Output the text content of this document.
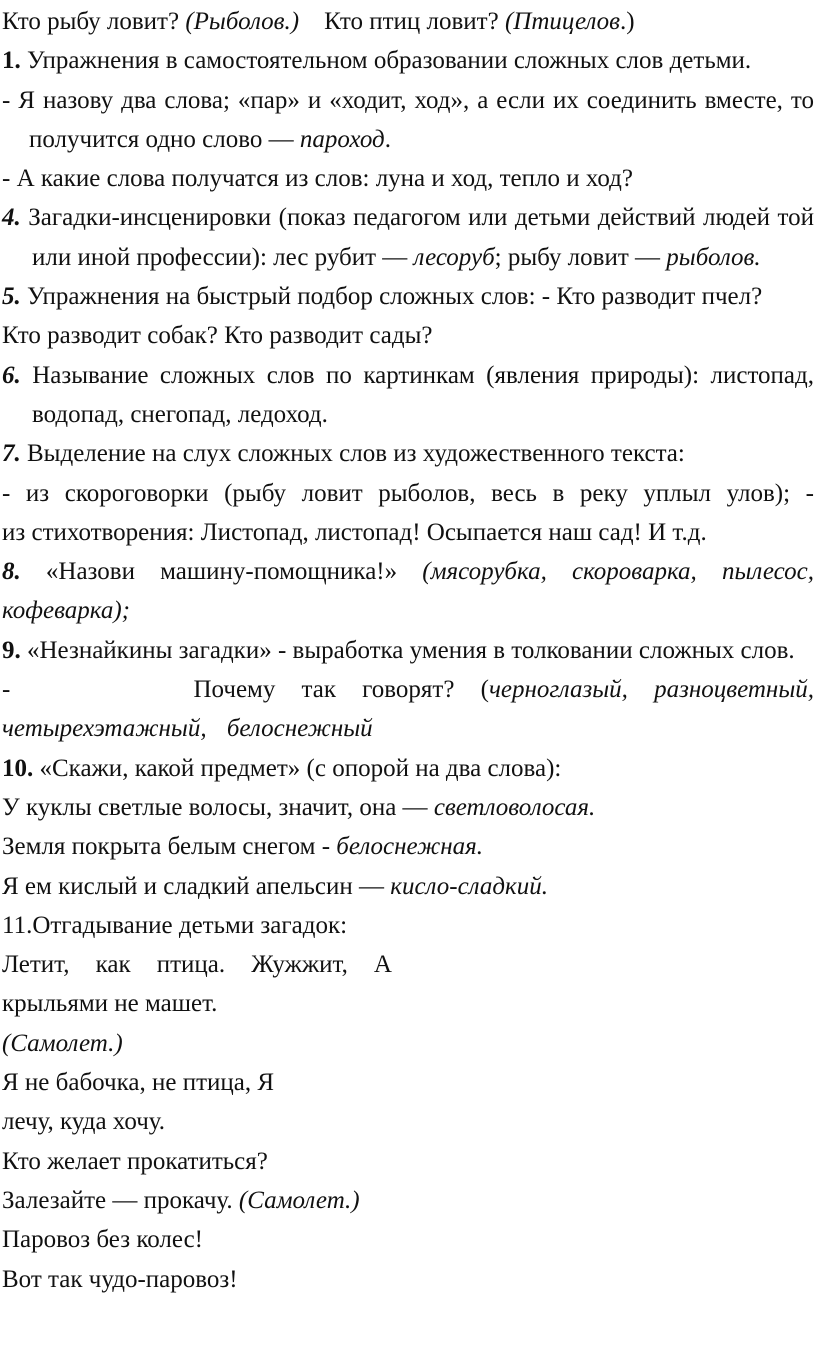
Кто рыбу ловит? (Рыболов.) Кто птиц ловит? (Птицелов.)

1. Упражнения в самостоятельном образовании сложных слов детьми.

- Я назову два слова; «пар» и «ходит, ход», а если их соединить вместе, то получится одно слово — пароход.

- А какие слова получатся из слов: луна и ход, тепло и ход?

4. Загадки-инсценировки (показ педагогом или детьми действий людей той или иной профессии): лес рубит — лесоруб; рыбу ловит — рыболов.

5. Упражнения на быстрый подбор сложных слов: - Кто разводит пчел?

Кто разводит собак? Кто разводит сады?

6. Называние сложных слов по картинкам (явления природы): листопад, водопад, снегопад, ледоход.

7. Выделение на слух сложных слов из художественного текста:

- из скороговорки (рыбу ловит рыболов, весь в реку уплыл улов); -

из стихотворения: Листопад, листопад! Осыпается наш сад! И т.д.

8. «Назови машину-помощника!» (мясорубка, скороварка, пылесос, кофеварка);

9. «Незнайкины загадки» - выработка умения в толковании сложных слов.

-	Почему так говорят? (черноглазый, разноцветный, четырехэтажный, белоснежный

10. «Скажи, какой предмет» (с опорой на два слова):

У куклы светлые волосы, значит, она — светловолосая.

Земля покрыта белым снегом - белоснежная.

Я ем кислый и сладкий апельсин — кисло-сладкий.

11.Отгадывание детьми загадок:

Летит, как птица. Жужжит, А

крыльями не машет.

(Самолет.)

Я не бабочка, не птица, Я

лечу, куда хочу.

Кто желает прокатиться?

Залезайте — прокачу. (Самолет.)

Паровоз без колес!

Вот так чудо-паровоз!
